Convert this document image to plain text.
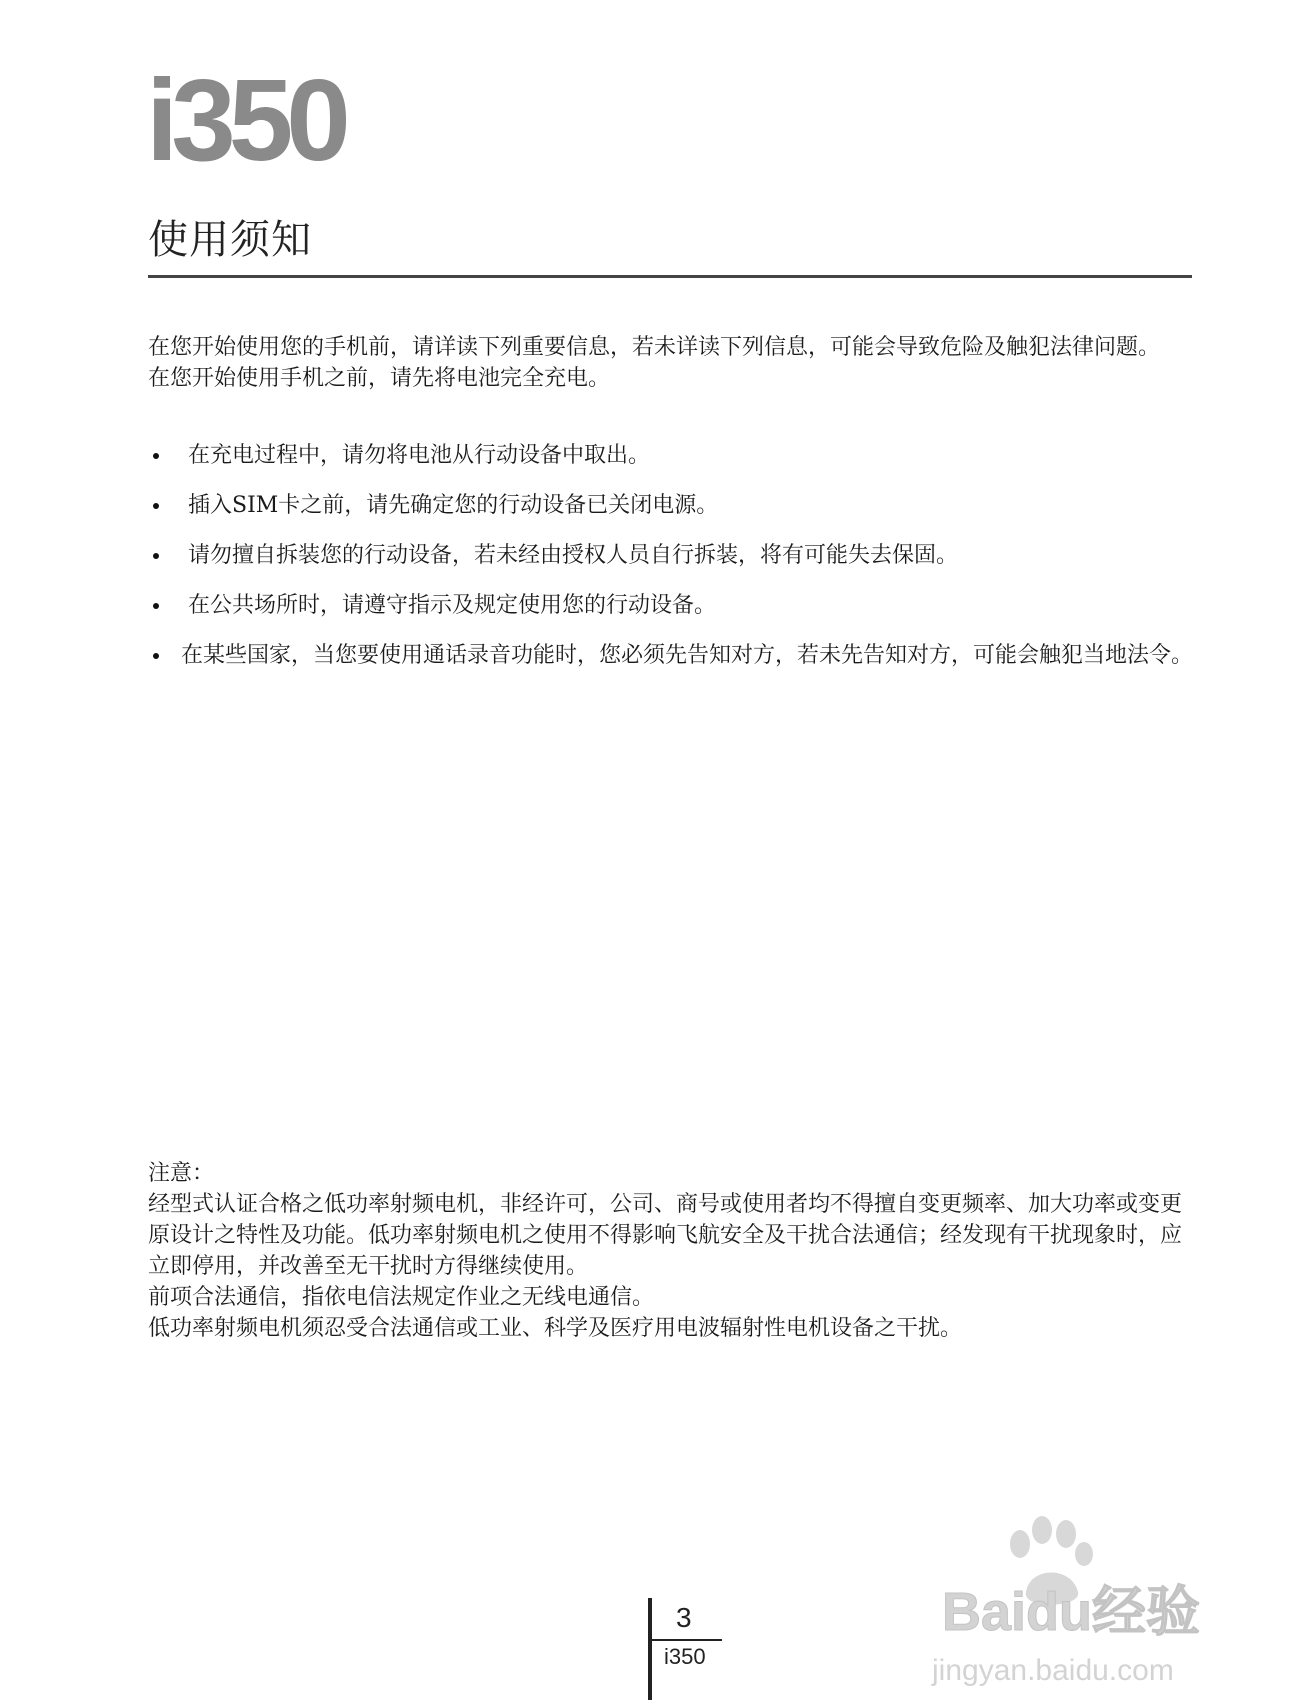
i350
使用须知

在您开始使用您的手机前，请详读下列重要信息，若未详读下列信息，可能会导致危险及触犯法律问题。

在您开始使用手机之前，请先将电池完全充电。

在充电过程中，请勿将电池从行动设备中取出。
插入SIM卡之前，请先确定您的行动设备已关闭电源。
请勿擅自拆装您的行动设备，若未经由授权人员自行拆装，将有可能失去保固。
在公共场所时，请遵守指示及规定使用您的行动设备。
在某些国家，当您要使用通话录音功能时，您必须先告知对方，若未先告知对方，可能会触犯当地法令。

注意：

经型式认证合格之低功率射频电机，非经许可，公司、商号或使用者均不得擅自变更频率、加大功率或变更原设计之特性及功能。低功率射频电机之使用不得影响飞航安全及干扰合法通信；经发现有干扰现象时，应立即停用，并改善至无干扰时方得继续使用。

前项合法通信，指依电信法规定作业之无线电通信。

低功率射频电机须忍受合法通信或工业、科学及医疗用电波辐射性电机设备之干扰。

3
i350
Baidu经验
jingyan.baidu.com
